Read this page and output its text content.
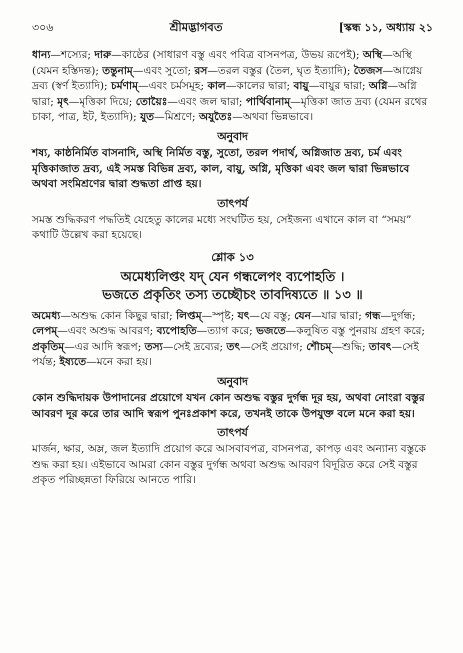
৩০৬	শ্রীমদ্ভাগবত	[স্কন্ধ ১১, অধ্যায় ২১

ধান্য—শস্যের; দারু—কাষ্ঠের (সাধারণ বস্তু এবং পবিত্র বাসনপত্র, উভয় রূপেই); অস্থি—অস্থি (যেমন হস্তিদন্ত); তন্তুনাম্—এবং সুতো; রস—তরল বস্তুর (তৈল, ঘৃত ইত্যাদি); তৈজস—আগ্নেয় দ্রব্য (স্বর্ণ ইত্যাদি); চর্মণাম্—এবং চর্মসমূহ; কাল—কালের দ্বারা; বায়ু—বায়ুর দ্বারা; অগ্নি—অগ্নি দ্বারা; মৃৎ—মৃত্তিকা দিয়ে; তোয়ৈঃ—এবং জল দ্বারা; পার্থিবানাম্—মৃত্তিকা জাত দ্রব্য (যেমন রথের চাকা, পাত্র, ইট, ইত্যাদি); যুত—মিশ্রণে; অযুতৈঃ—অথবা ভিন্নভাবে।

অনুবাদ

শষ্য, কাষ্ঠনির্মিত বাসনাদি, অস্থি নির্মিত বস্তু, সুতো, তরল পদার্থ, অগ্নিজাত দ্রব্য, চর্ম এবং মৃত্তিকাজাত দ্রব্য, এই সমস্ত বিভিন্ন দ্রব্য, কাল, বায়ু, অগ্নি, মৃত্তিকা এবং জল দ্বারা ভিন্নভাবে অথবা সংমিশ্রণের দ্বারা শুদ্ধতা প্রাপ্ত হয়।

তাৎপর্য

সমস্ত শুদ্ধিকরণ পদ্ধতিই যেহেতু কালের মধ্যে সংঘটিত হয়, সেইজন্য এখানে কাল বা “সময়” কথাটি উল্লেখ করা হয়েছে।

শ্লোক ১৩

অমেধ্যলিপ্তং যদ্ যেন গন্ধলেপং ব্যপোহতি ।

ভজতে প্রকৃতিং তস্য তচ্ছৌচং তাবদিষ্যতে ॥ ১৩ ॥

অমেধ্য—অশুদ্ধ কোন কিছুর দ্বারা; লিপ্তম্—স্পৃষ্ট; যৎ—যে বস্তু; যেন—যার দ্বারা; গন্ধ—দুর্গন্ধ; লেপম্—এবং অশুদ্ধ আবরণ; ব্যপোহতি—ত্যাগ করে; ভজতে—কলুষিত বস্তু পুনরায় গ্রহণ করে; প্রকৃতিম্—এর আদি স্বরূপ; তস্য—সেই দ্রব্যের; তৎ—সেই প্রয়োগ; শৌচম্—শুদ্ধি; তাবৎ—সেই পর্যন্ত; ইষ্যতে—মনে করা হয়।

অনুবাদ

কোন শুদ্ধিদায়ক উপাদানের প্রয়োগে যখন কোন অশুদ্ধ বস্তুর দুর্গন্ধ দূর হয়, অথবা নোংরা বস্তুর আবরণ দূর করে তার আদি স্বরূপ পুনঃপ্রকাশ করে, তখনই তাকে উপযুক্ত বলে মনে করা হয়।

তাৎপর্য

মার্জন, ক্ষার, অম্ল, জল ইত্যাদি প্রয়োগ করে আসবাবপত্র, বাসনপত্র, কাপড় এবং অন্যান্য বস্তুকে শুদ্ধ করা হয়। এইভাবে আমরা কোন বস্তুর দুর্গন্ধ অথবা অশুদ্ধ আবরণ বিদূরিত করে সেই বস্তুর প্রকৃত পরিচ্ছন্নতা ফিরিয়ে আনতে পারি।
